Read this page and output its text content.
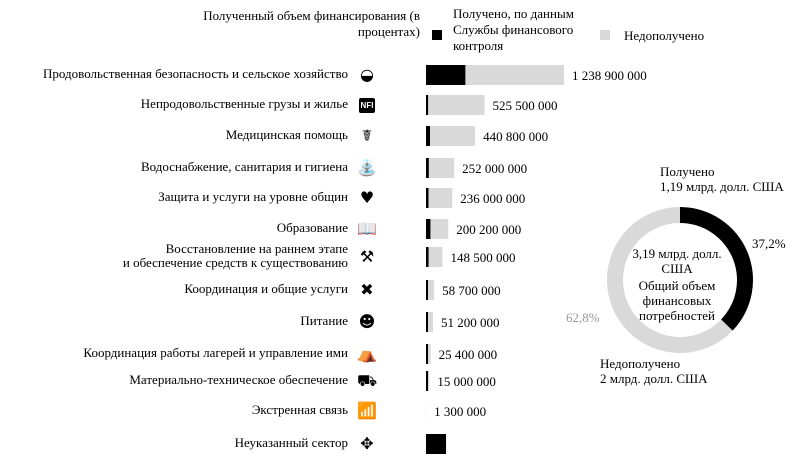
Полученный объем финансирования (в процентах)
Получено, по данным Службы финансового контроля
Недополучено
Продовольственная безопасность и сельское хозяйство ◒
Непродовольственные грузы и жилье NFI
Медицинская помощь ☤
Водоснабжение, санитария и гигиена ⛲
Защита и услуги на уровне общин ♥
Образование 📖
Восстановление на раннем этапе
и обеспечение средств к существованию ⚒
Координация и общие услуги ✖
Питание ☻
Координация работы лагерей и управление ими ⛺
Материально-техническое обеспечение ⛟
Экстренная связь 📶
Неуказанный сектор ✥
1 238 900 000
525 500 000
440 800 000
252 000 000
236 000 000
200 200 000
148 500 000
58 700 000
51 200 000
25 400 000
15 000 000
1 300 000
3,19 млрд. долл. США
Общий объем финансовых потребностей
Получено
1,19 млрд. долл. США
37,2%
62,8%
Недополучено
2 млрд. долл. США
